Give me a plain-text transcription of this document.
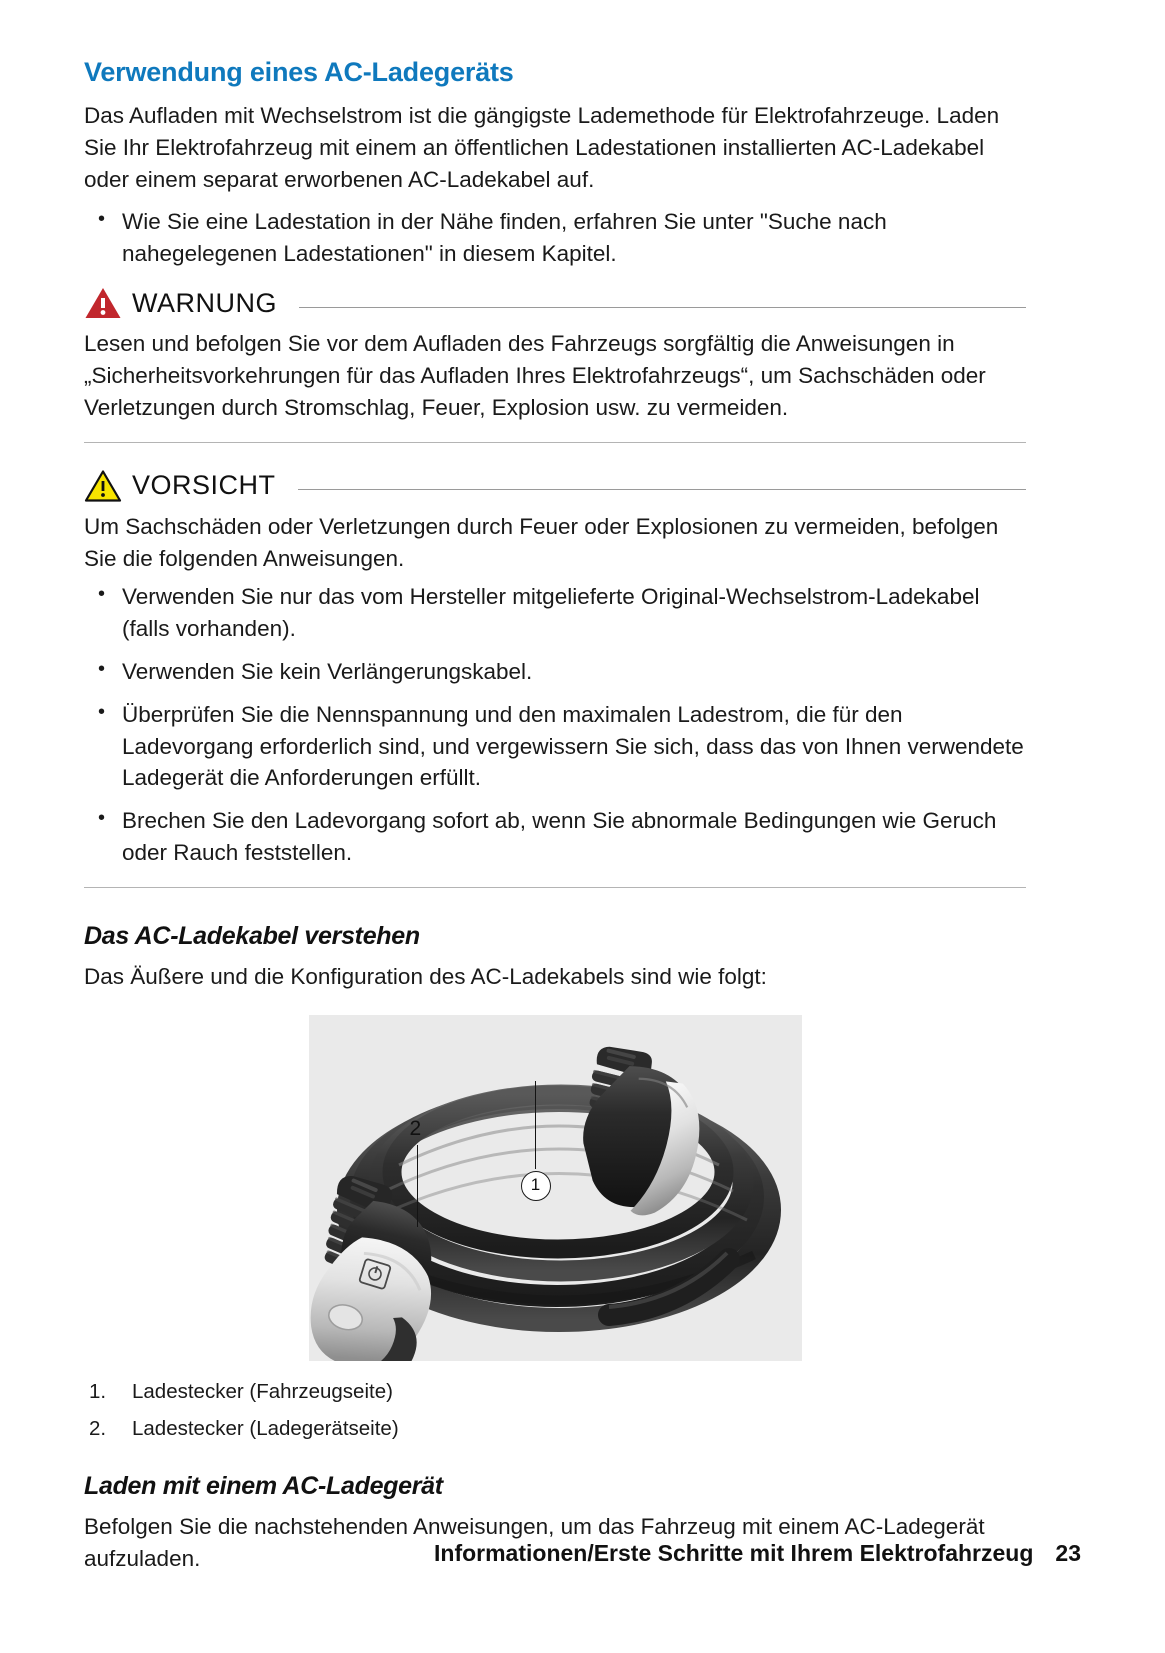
Verwendung eines AC-Ladegeräts

Das Aufladen mit Wechselstrom ist die gängigste Lademethode für Elektrofahrzeuge. Laden Sie Ihr Elektrofahrzeug mit einem an öffentlichen Ladestationen installierten AC-Ladekabel oder einem separat erworbenen AC-Ladekabel auf.

• Wie Sie eine Ladestation in der Nähe finden, erfahren Sie unter "Suche nach nahegelegenen Ladestationen" in diesem Kapitel.
WARNUNG

Lesen und befolgen Sie vor dem Aufladen des Fahrzeugs sorgfältig die Anweisungen in „Sicherheitsvorkehrungen für das Aufladen Ihres Elektrofahrzeugs“, um Sachschäden oder Verletzungen durch Stromschlag, Feuer, Explosion usw. zu vermeiden.

VORSICHT

Um Sachschäden oder Verletzungen durch Feuer oder Explosionen zu vermeiden, befolgen Sie die folgenden Anweisungen.

• Verwenden Sie nur das vom Hersteller mitgelieferte Original-Wechselstrom-Ladekabel (falls vorhanden).
• Verwenden Sie kein Verlängerungskabel.
• Überprüfen Sie die Nennspannung und den maximalen Ladestrom, die für den Ladevorgang erforderlich sind, und vergewissern Sie sich, dass das von Ihnen verwendete Ladegerät die Anforderungen erfüllt.
• Brechen Sie den Ladevorgang sofort ab, wenn Sie abnormale Bedingungen wie Geruch oder Rauch feststellen.
Das AC-Ladekabel verstehen

Das Äußere und die Konfiguration des AC-Ladekabels sind wie folgt:

1
2
1.	Ladestecker (Fahrzeugseite)
2.	Ladestecker (Ladegerätseite)
Laden mit einem AC-Ladegerät

Befolgen Sie die nachstehenden Anweisungen, um das Fahrzeug mit einem AC-Ladegerät aufzuladen.	Informationen/Erste Schritte mit Ihrem Elektrofahrzeug 23
